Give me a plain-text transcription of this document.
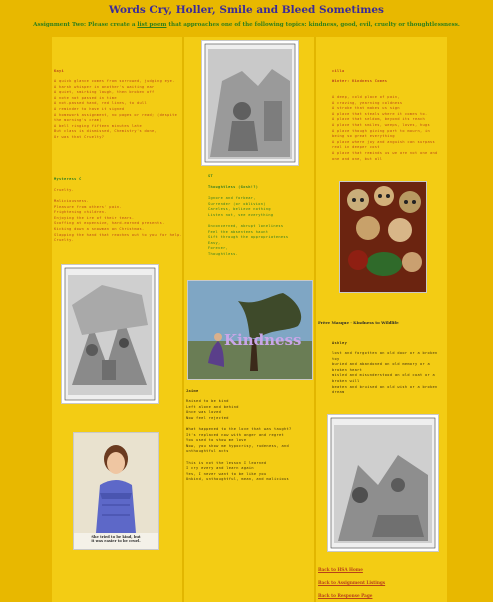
Words Cry, Holler, Smile and Bleed Sometimes
Assignment Two: Please create a list poem that approaches one of the following topics: kindness, good, evil, cruelty or thoughtlessness.
Kayi
A quick glance comes from sorrowed, judging eye.
A harsh whisper in another's waiting ear
A quiet, smirking laugh, then broken off
A note not passed in time
A not-passed hand, red lines, to dull
A reminder to have it signed
A homework assignment, no pages or read; (despite
the morning's cram)
A bell ringing fifteen minutes late
But class is dismissed, Chemistry's done,
Or was that Cruelty?
Mysteress C
Cruelty.
Maliciousness.
Pleasure from others' pain.
Frightening children.
Enjoying the ire of their tears.
Scoffing at expensive, hard-earned presents.
Kicking down a snowman on Christmas.
Slapping the hand that reaches out to you for help.
Cruelty.
She tried to be kind, but
it was easier to be cruel.
ST
Thoughtless (Gosh!?)
Ignore and forbear,
Surrender (or oblivion)
Careless, believe nothing
Listen not, see everything

Unconcerned, abrupt loneliness
Feel the absentees haunt
Sift through the appropriateness
Easy,
Forever,
Thoughtless.
Kindness
Jaime
Raised to be kind
Left alone and behind
Once was loved
Now feel rejected

What happened to the love that was taught?
It's replaced now with anger and regret
You used to show me love
Now, you show me hypocrisy, rudeness, and
unthoughtful acts

This is not the lesson I learned
I cry every and learn again
Yes, I never want to be like you
Unkind, unthoughtful, mean, and malicious
cilla
Winter: Kindness Comes
A deep, cold place of pain,
A craving, yearning coldness
A stroke that makes us sign
A place that steals where it comes to.
A place that seldom, beyond its reach
A place that smiles, weeps, loves, hugs
A place though giving part to mourn, in
being so great everything
A place where joy and anguish can surpass
real in deeper cost
A place that reminds us we are not one and
one and one, but all
Frère Masque · Kindness to Wildlife
Ashley
lost and forgotten an old door or a broken
toy
buried and abandoned an old memory or a
broken heart
misled and misunderstood an old coat or a
broken will
beaten and bruised an old wish or a broken
dream
Back to HSA Home
Back to Assignment Listings
Back to Response Page
